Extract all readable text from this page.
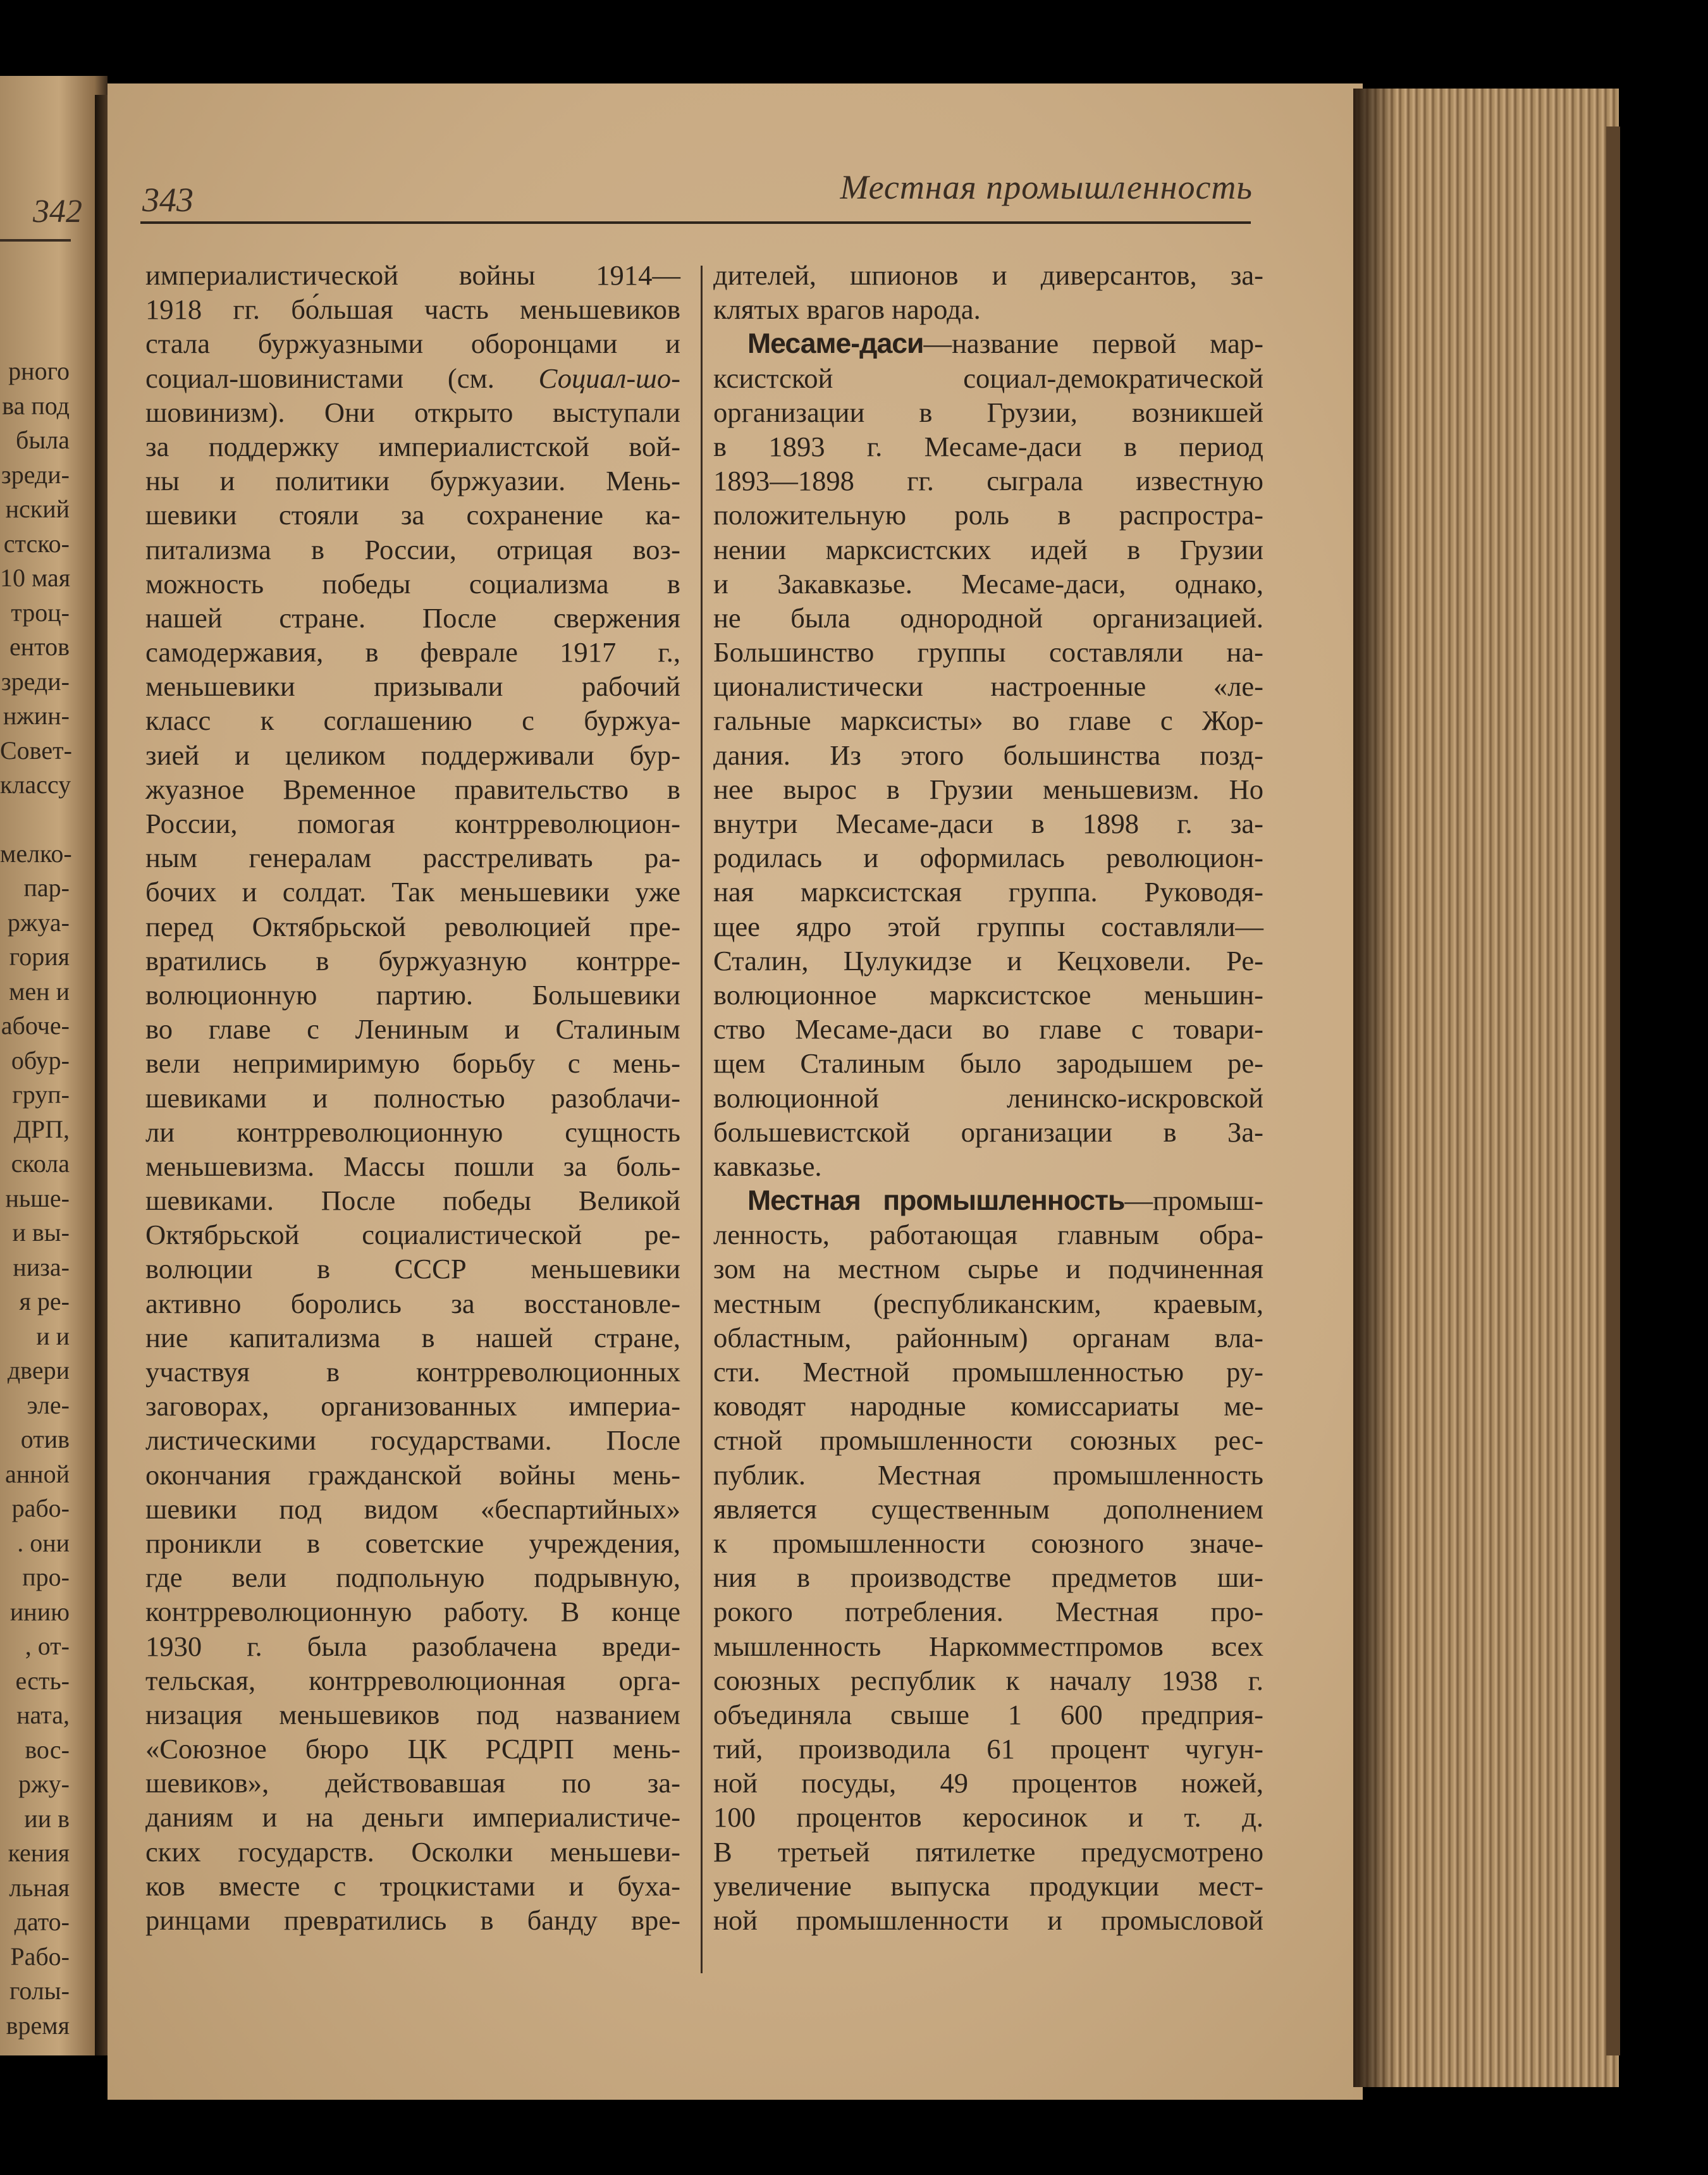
342
рного
ва под
была
зреди-
нский
стско-
10 мая
троц-
ентов
зреди-
нжин-
Совет-
классу
мелко-
пар-
ржуа-
гория
мен и
абоче-
обур-
груп-
ДРП,
скола
ньше-
и вы-
низа-
я ре-
и и
двери
эле-
отив
анной
рабо-
. они
про-
инию
, от-
есть-
ната,
вос-
ржу-
ии в
кения
льная
дато-
Рабо-
голы-
время
343	Местная промышленность
империалистической войны 1914—
1918 гг. бо́льшая часть меньшевиков
стала буржуазными оборонцами и
социал-шовинистами (см. Социал-шо-
шовинизм). Они открыто выступали
за поддержку империалистской вой-
ны и политики буржуазии. Мень-
шевики стояли за сохранение ка-
питализма в России, отрицая воз-
можность победы социализма в
нашей стране. После свержения
самодержавия, в феврале 1917 г.,
меньшевики призывали рабочий
класс к соглашению с буржуа-
зией и целиком поддерживали бур-
жуазное Временное правительство в
России, помогая контрреволюцион-
ным генералам расстреливать ра-
бочих и солдат. Так меньшевики уже
перед Октябрьской революцией пре-
вратились в буржуазную контрре-
волюционную партию. Большевики
во главе с Лениным и Сталиным
вели непримиримую борьбу с мень-
шевиками и полностью разоблачи-
ли контрреволюционную сущность
меньшевизма. Массы пошли за боль-
шевиками. После победы Великой
Октябрьской социалистической ре-
волюции в СССР меньшевики
активно боролись за восстановле-
ние капитализма в нашей стране,
участвуя в контрреволюционных
заговорах, организованных империа-
листическими государствами. После
окончания гражданской войны мень-
шевики под видом «беспартийных»
проникли в советские учреждения,
где вели подпольную подрывную,
контрреволюционную работу. В конце
1930 г. была разоблачена вреди-
тельская, контрреволюционная орга-
низация меньшевиков под названием
«Союзное бюро ЦК РСДРП мень-
шевиков», действовавшая по за-
даниям и на деньги империалистиче-
ских государств. Осколки меньшеви-
ков вместе с троцкистами и буха-
ринцами превратились в банду вре-
дителей, шпионов и диверсантов, за-
клятых врагов народа.
Месаме-даси—название первой мар-
ксистской социал-демократической
организации в Грузии, возникшей
в 1893 г. Месаме-даси в период
1893—1898 гг. сыграла известную
положительную роль в распростра-
нении марксистских идей в Грузии
и Закавказье. Месаме-даси, однако,
не была однородной организацией.
Большинство группы составляли на-
ционалистически настроенные «ле-
гальные марксисты» во главе с Жор-
дания. Из этого большинства позд-
нее вырос в Грузии меньшевизм. Но
внутри Месаме-даси в 1898 г. за-
родилась и оформилась революцион-
ная марксистская группа. Руководя-
щее ядро этой группы составляли—
Сталин, Цулукидзе и Кецховели. Ре-
волюционное марксистское меньшин-
ство Месаме-даси во главе с товари-
щем Сталиным было зародышем ре-
волюционной ленинско-искровской
большевистской организации в За-
кавказье.
Местная промышленность—промыш-
ленность, работающая главным обра-
зом на местном сырье и подчиненная
местным (республиканским, краевым,
областным, районным) органам вла-
сти. Местной промышленностью ру-
ководят народные комиссариаты ме-
стной промышленности союзных рес-
публик. Местная промышленность
является существенным дополнением
к промышленности союзного значе-
ния в производстве предметов ши-
рокого потребления. Местная про-
мышленность Наркомместпромов всех
союзных республик к началу 1938 г.
объединяла свыше 1 600 предприя-
тий, производила 61 процент чугун-
ной посуды, 49 процентов ножей,
100 процентов керосинок и т. д.
В третьей пятилетке предусмотрено
увеличение выпуска продукции мест-
ной промышленности и промысловой
